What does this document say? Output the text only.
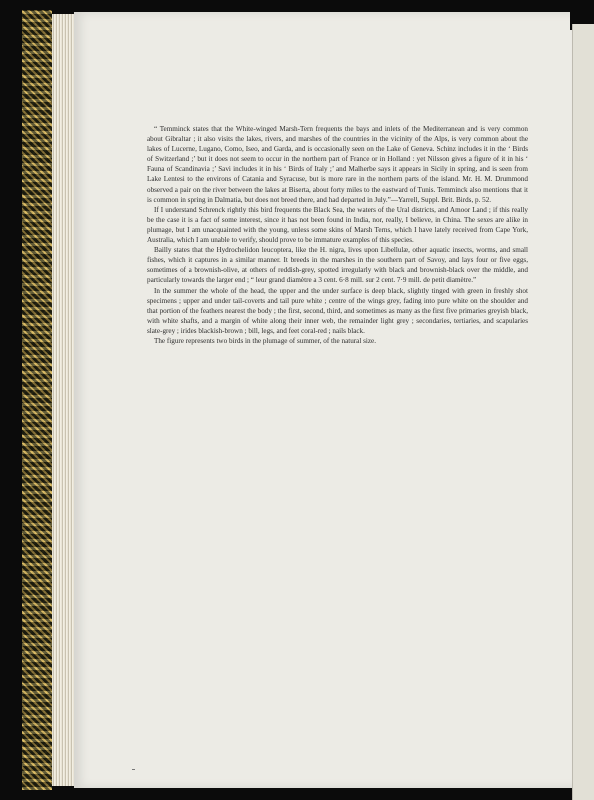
“ Temminck states that the White-winged Marsh-Tern frequents the bays and inlets of the Mediterranean and is very common about Gibraltar ; it also visits the lakes, rivers, and marshes of the countries in the vicinity of the Alps, is very common about the lakes of Lucerne, Lugano, Como, Iseo, and Garda, and is occasionally seen on the Lake of Geneva. Schinz includes it in the ‘ Birds of Switzerland ;’ but it does not seem to occur in the northern part of France or in Holland : yet Nilsson gives a figure of it in his ‘ Fauna of Scandinavia ;’ Savi includes it in his ‘ Birds of Italy ;’ and Malherbe says it appears in Sicily in spring, and is seen from Lake Lentesi to the environs of Catania and Syracuse, but is more rare in the northern parts of the island. Mr. H. M. Drummond observed a pair on the river between the lakes at Biserta, about forty miles to the eastward of Tunis. Temminck also mentions that it is common in spring in Dalmatia, but does not breed there, and had departed in July.”—Yarrell, Suppl. Brit. Birds, p. 52.

If I understand Schrenck rightly this bird frequents the Black Sea, the waters of the Ural districts, and Amoor Land ; if this really be the case it is a fact of some interest, since it has not been found in India, nor, really, I believe, in China. The sexes are alike in plumage, but I am unacquainted with the young, unless some skins of Marsh Terns, which I have lately received from Cape York, Australia, which I am unable to verify, should prove to be immature examples of this species.

Bailly states that the Hydrochelidon leucoptera, like the H. nigra, lives upon Libellulæ, other aquatic insects, worms, and small fishes, which it captures in a similar manner. It breeds in the marshes in the southern part of Savoy, and lays four or five eggs, sometimes of a brownish-olive, at others of reddish-grey, spotted irregularly with black and brownish-black over the middle, and particularly towards the larger end ; “ leur grand diamètre a 3 cent. 6·8 mill. sur 2 cent. 7·9 mill. de petit diamètre.”

In the summer the whole of the head, the upper and the under surface is deep black, slightly tinged with green in freshly shot specimens ; upper and under tail-coverts and tail pure white ; centre of the wings grey, fading into pure white on the shoulder and that portion of the feathers nearest the body ; the first, second, third, and sometimes as many as the first five primaries greyish black, with white shafts, and a margin of white along their inner web, the remainder light grey ; secondaries, tertiaries, and scapularies slate-grey ; irides blackish-brown ; bill, legs, and feet coral-red ; nails black.

The figure represents two birds in the plumage of summer, of the natural size.
